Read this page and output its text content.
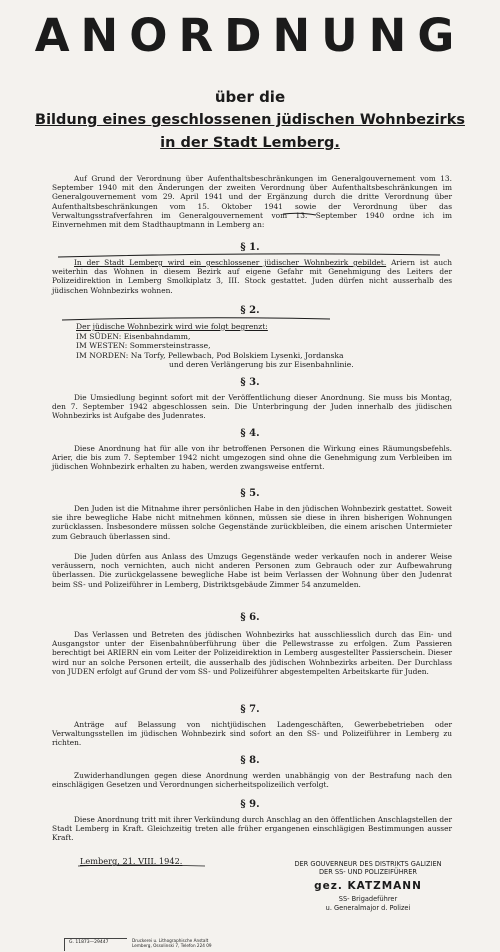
ANORDNUNG
über die
Bildung eines geschlossenen jüdischen Wohnbezirks
in der Stadt Lemberg.

Auf Grund der Verordnung über Aufenthaltsbeschränkungen im Generalgouvernement vom 13. September 1940 mit den Änderungen der zweiten Verordnung über Aufenthaltsbeschränkungen im Generalgouvernement vom 29. April 1941 und der Ergänzung durch die dritte Verordnung über Aufenthaltsbeschränkungen vom 15. Oktober 1941 sowie der Verordnung über das Verwaltungsstrafverfahren im Generalgouvernement vom 13. September 1940 ordne ich im Einvernehmen mit dem Stadthauptmann in Lemberg an:

§ 1.

In der Stadt Lemberg wird ein geschlossener jüdischer Wohnbezirk gebildet. Ariern ist auch weiterhin das Wohnen in diesem Bezirk auf eigene Gefahr mit Genehmigung des Leiters der Polizeidirektion in Lemberg Smolkiplatz 3, III. Stock gestattet. Juden dürfen nicht ausserhalb des jüdischen Wohnbezirks wohnen.

§ 2.
Der jüdische Wohnbezirk wird wie folgt begrenzt:
IM SÜDEN: Eisenbahndamm,
IM WESTEN: Sommersteinstrasse,
IM NORDEN: Na Torfy, Pellewbach, Pod Bolskiem Lysenki, Jordanska
und deren Verlängerung bis zur Eisenbahnlinie.
§ 3.

Die Umsiedlung beginnt sofort mit der Veröffentlichung dieser Anordnung. Sie muss bis Montag, den 7. September 1942 abgeschlossen sein. Die Unterbringung der Juden innerhalb des jüdischen Wohnbezirks ist Aufgabe des Judenrates.

§ 4.

Diese Anordnung hat für alle von ihr betroffenen Personen die Wirkung eines Räumungsbefehls. Arier, die bis zum 7. September 1942 nicht umgezogen sind ohne die Genehmigung zum Verbleiben im jüdischen Wohnbezirk erhalten zu haben, werden zwangsweise entfernt.

§ 5.

Den Juden ist die Mitnahme ihrer persönlichen Habe in den jüdischen Wohnbezirk gestattet. Soweit sie ihre bewegliche Habe nicht mitnehmen können, müssen sie diese in ihren bisherigen Wohnungen zurücklassen. Insbesondere müssen solche Gegenstände zurückbleiben, die einem arischen Untermieter zum Gebrauch überlassen sind.

Die Juden dürfen aus Anlass des Umzugs Gegenstände weder verkaufen noch in anderer Weise veräussern, noch vernichten, auch nicht anderen Personen zum Gebrauch oder zur Aufbewahrung überlassen. Die zurückgelassene bewegliche Habe ist beim Verlassen der Wohnung über den Judenrat beim SS- und Polizeiführer in Lemberg, Distriktsgebäude Zimmer 54 anzumelden.

§ 6.

Das Verlassen und Betreten des jüdischen Wohnbezirks hat ausschliesslich durch das Ein- und Ausgangstor unter der Eisenbahnüberführung über die Pellewstrasse zu erfolgen. Zum Passieren berechtigt bei ARIERN ein vom Leiter der Polizeidirektion in Lemberg ausgestellter Passierschein. Dieser wird nur an solche Personen erteilt, die ausserhalb des jüdischen Wohnbezirks arbeiten. Der Durchlass von JUDEN erfolgt auf Grund der vom SS- und Polizeiführer abgestempelten Arbeitskarte für Juden.

§ 7.

Anträge auf Belassung von nichtjüdischen Ladengeschäften, Gewerbebetrieben oder Verwaltungsstellen im jüdischen Wohnbezirk sind sofort an den SS- und Polizeiführer in Lemberg zu richten.

§ 8.

Zuwiderhandlungen gegen diese Anordnung werden unabhängig von der Bestrafung nach den einschlägigen Gesetzen und Verordnungen sicherheitspolizeilich verfolgt.

§ 9.

Diese Anordnung tritt mit ihrer Verkündung durch Anschlag an den öffentlichen Anschlagstellen der Stadt Lemberg in Kraft. Gleichzeitig treten alle früher ergangenen einschlägigen Bestimmungen ausser Kraft.

Lemberg, 21. VIII. 1942.	DER GOUVERNEUR DES DISTRIKTS GALIZIEN
DER SS- UND POLIZEIFÜHRER
gez. KATZMANN
SS- Brigadeführer
u. Generalmajor d. Polizei
G. 11873—29447	Druckerei u. Lithographische Anstalt
Lemberg, Ossolinski 7, Telefon 224 09
